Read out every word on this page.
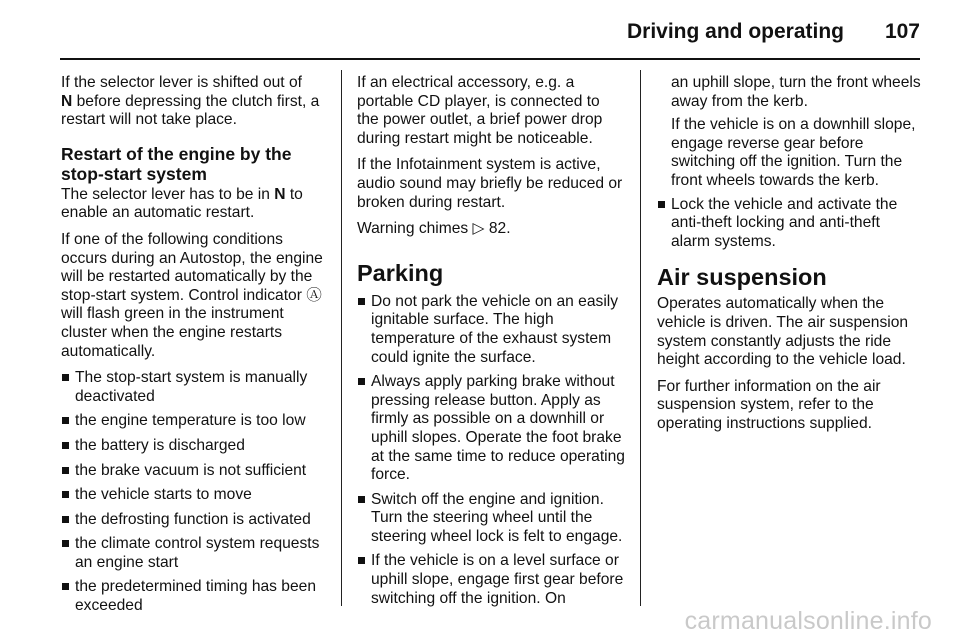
Driving and operating 107

If the selector lever is shifted out of
N before depressing the clutch first, a restart will not take place.

Restart of the engine by the stop-start system

The selector lever has to be in N to enable an automatic restart.

If one of the following conditions occurs during an Autostop, the engine will be restarted automatically by the stop-start system. Control indicator Ⓐ will flash green in the instrument cluster when the engine restarts automatically.

The stop-start system is manually deactivated
the engine temperature is too low
the battery is discharged
the brake vacuum is not sufficient
the vehicle starts to move
the defrosting function is activated
the climate control system requests an engine start
the predetermined timing has been exceeded

If an electrical accessory, e.g. a portable CD player, is connected to the power outlet, a brief power drop during restart might be noticeable.

If the Infotainment system is active, audio sound may briefly be reduced or broken during restart.

Warning chimes ▷ 82.

Parking
Do not park the vehicle on an easily ignitable surface. The high temperature of the exhaust system could ignite the surface.
Always apply parking brake without pressing release button. Apply as firmly as possible on a downhill or uphill slopes. Operate the foot brake at the same time to reduce operating force.
Switch off the engine and ignition. Turn the steering wheel until the steering wheel lock is felt to engage.
If the vehicle is on a level surface or uphill slope, engage first gear before switching off the ignition. On

an uphill slope, turn the front wheels away from the kerb.

If the vehicle is on a downhill slope, engage reverse gear before switching off the ignition. Turn the front wheels towards the kerb.

Lock the vehicle and activate the anti-theft locking and anti-theft alarm systems.
Air suspension

Operates automatically when the vehicle is driven. The air suspension system constantly adjusts the ride height according to the vehicle load.

For further information on the air suspension system, refer to the operating instructions supplied.

carmanualsonline.info
